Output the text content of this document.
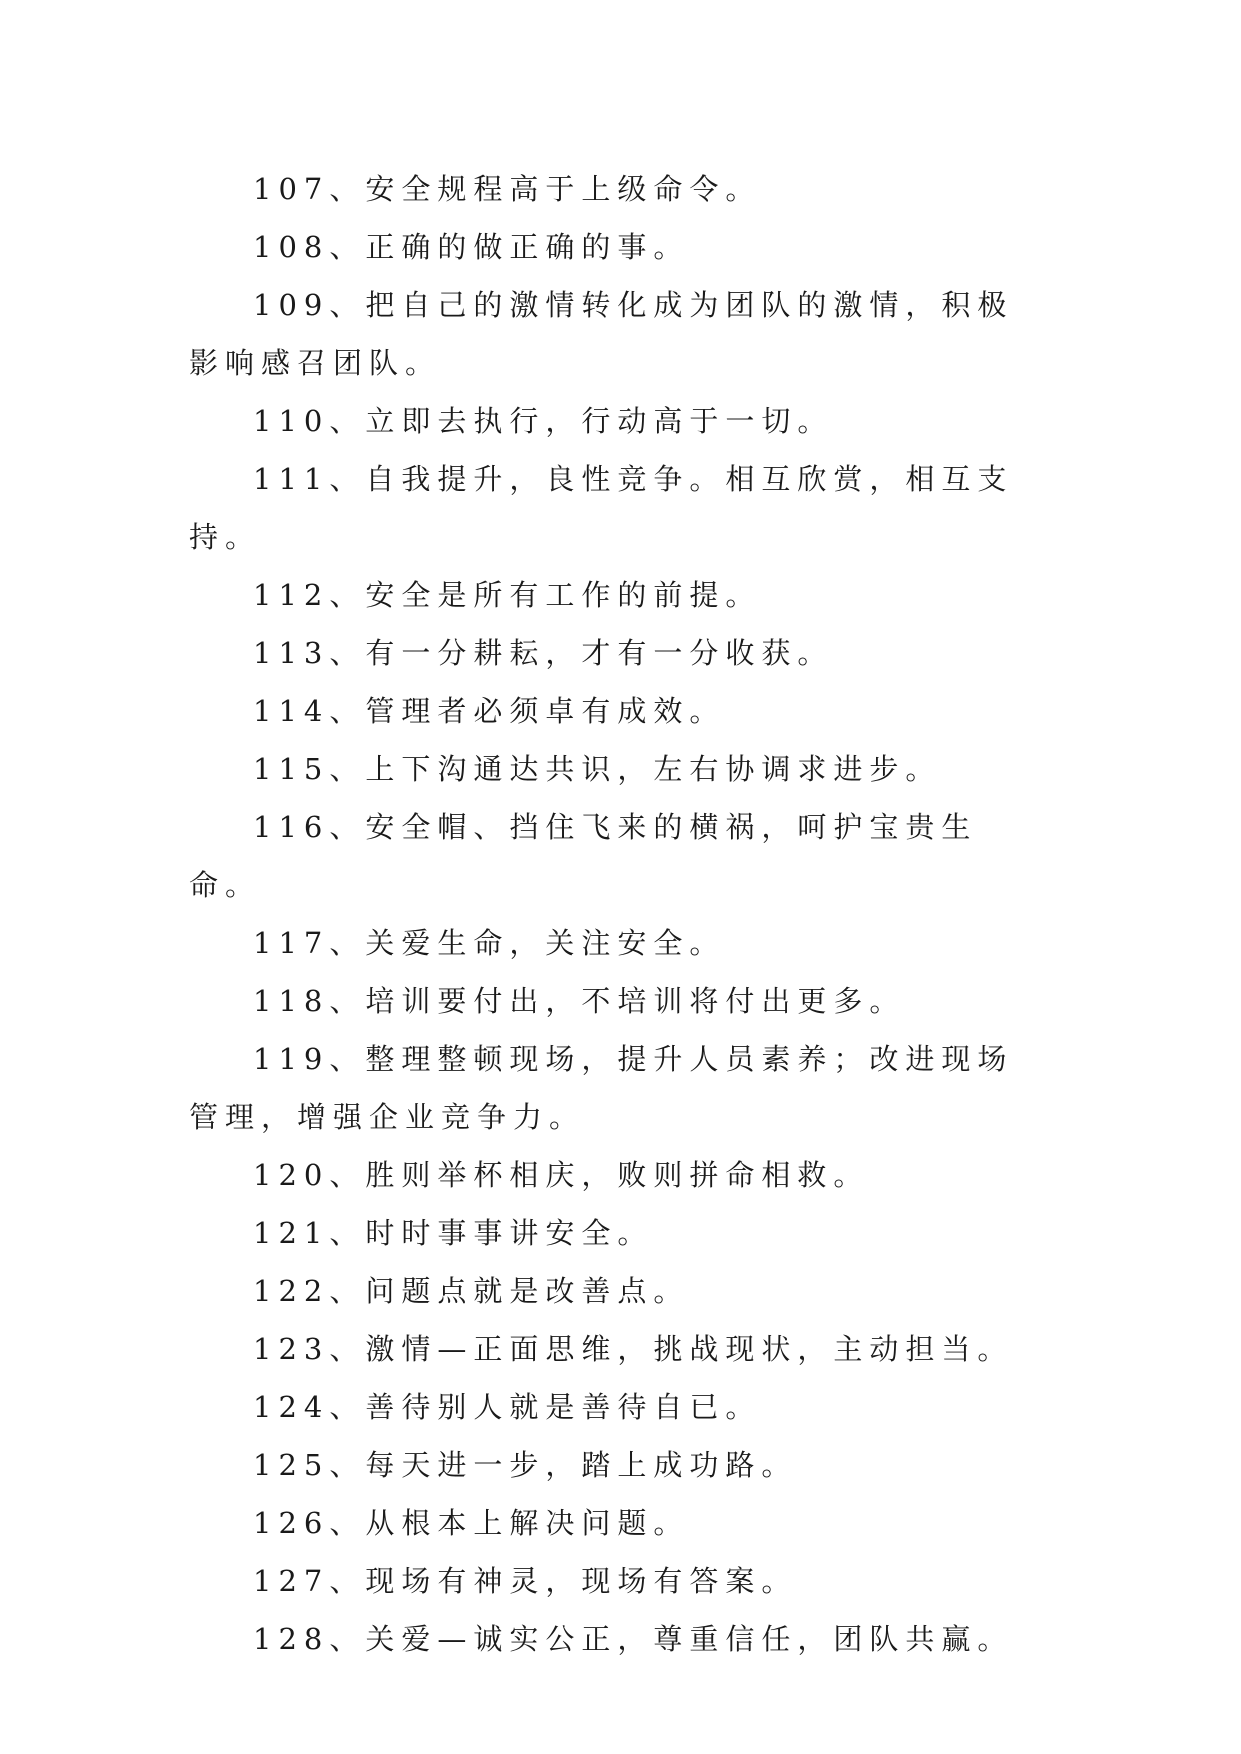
107、安全规程高于上级命令。

108、正确的做正确的事。

109、把自己的激情转化成为团队的激情，积极影响感召团队。

110、立即去执行，行动高于一切。

111、自我提升，良性竞争。相互欣赏，相互支持。

112、安全是所有工作的前提。

113、有一分耕耘，才有一分收获。

114、管理者必须卓有成效。

115、上下沟通达共识，左右协调求进步。

116、安全帽、挡住飞来的横祸，呵护宝贵生命。

117、关爱生命，关注安全。

118、培训要付出，不培训将付出更多。

119、整理整顿现场，提升人员素养；改进现场管理，增强企业竞争力。

120、胜则举杯相庆，败则拼命相救。

121、时时事事讲安全。

122、问题点就是改善点。

123、激情—正面思维，挑战现状，主动担当。

124、善待别人就是善待自已。

125、每天进一步，踏上成功路。

126、从根本上解决问题。

127、现场有神灵，现场有答案。

128、关爱—诚实公正，尊重信任，团队共赢。
